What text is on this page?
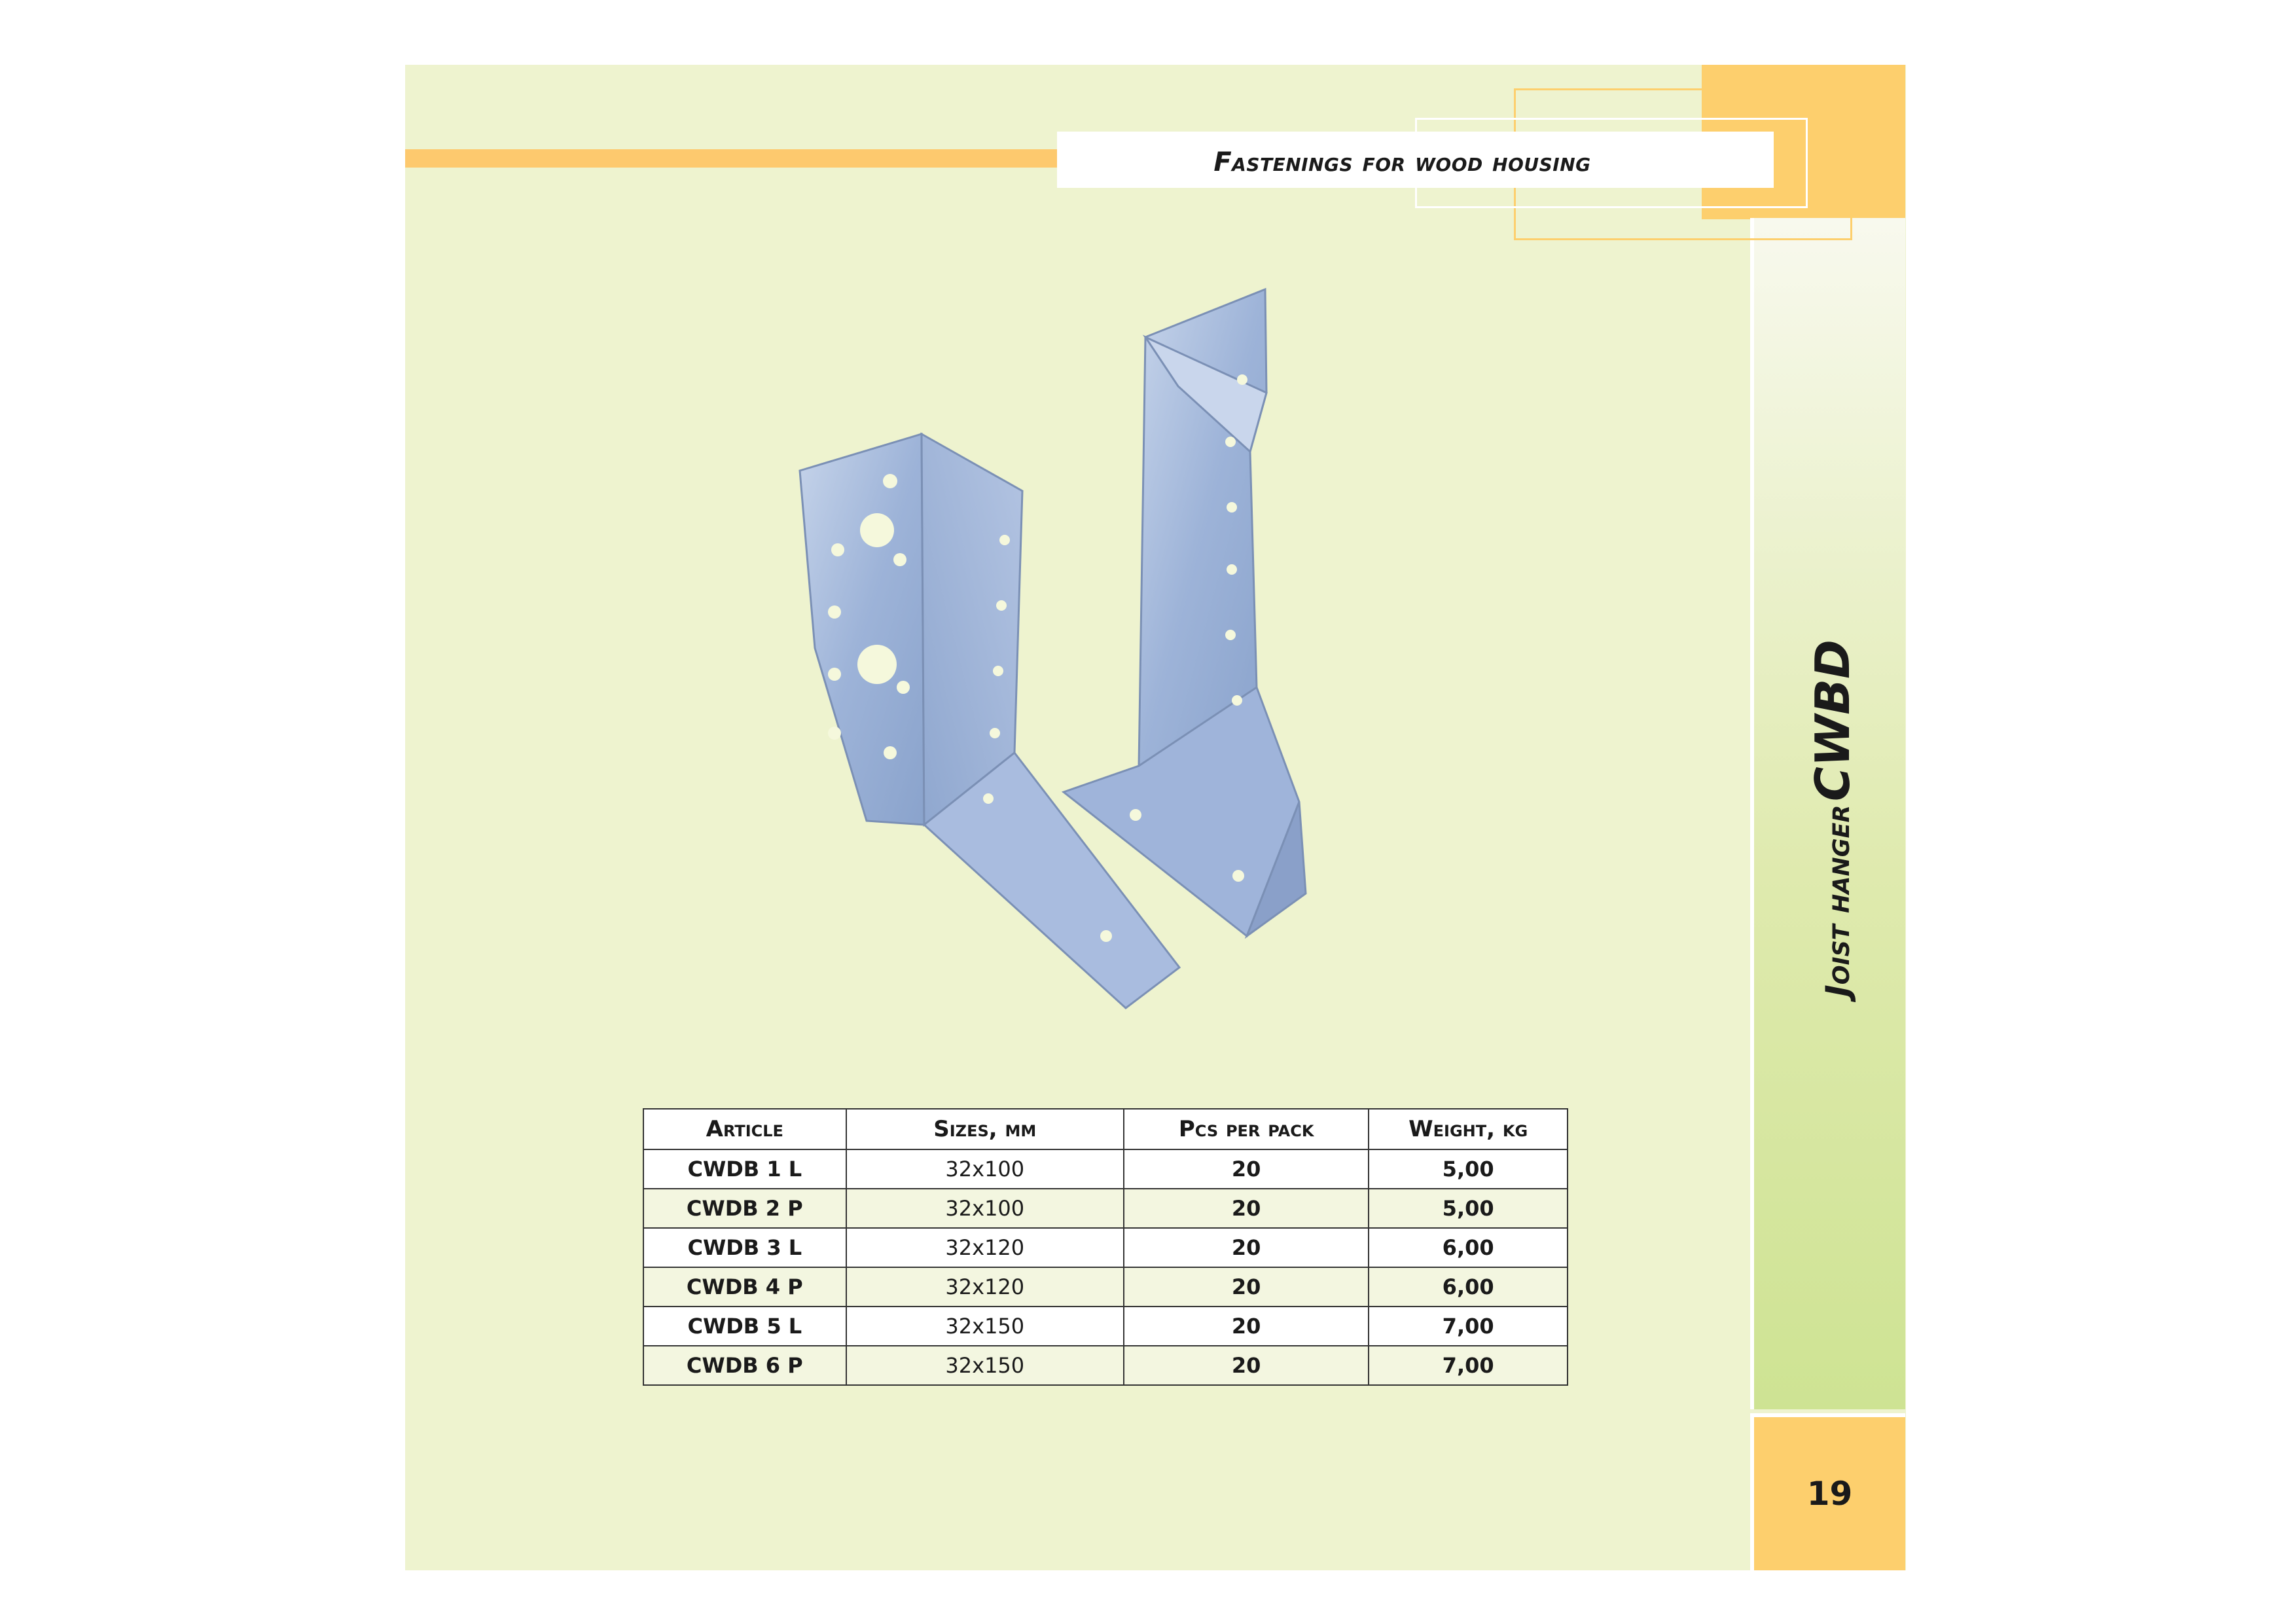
Fastenings for wood housing
Joist hanger CWBD
19
Article	Sizes, mm	Pcs per pack	Weight, kg
CWDB 1 L	32x100	20	5,00
CWDB 2 P	32x100	20	5,00
CWDB 3 L	32x120	20	6,00
CWDB 4 P	32x120	20	6,00
CWDB 5 L	32x150	20	7,00
CWDB 6 P	32x150	20	7,00
